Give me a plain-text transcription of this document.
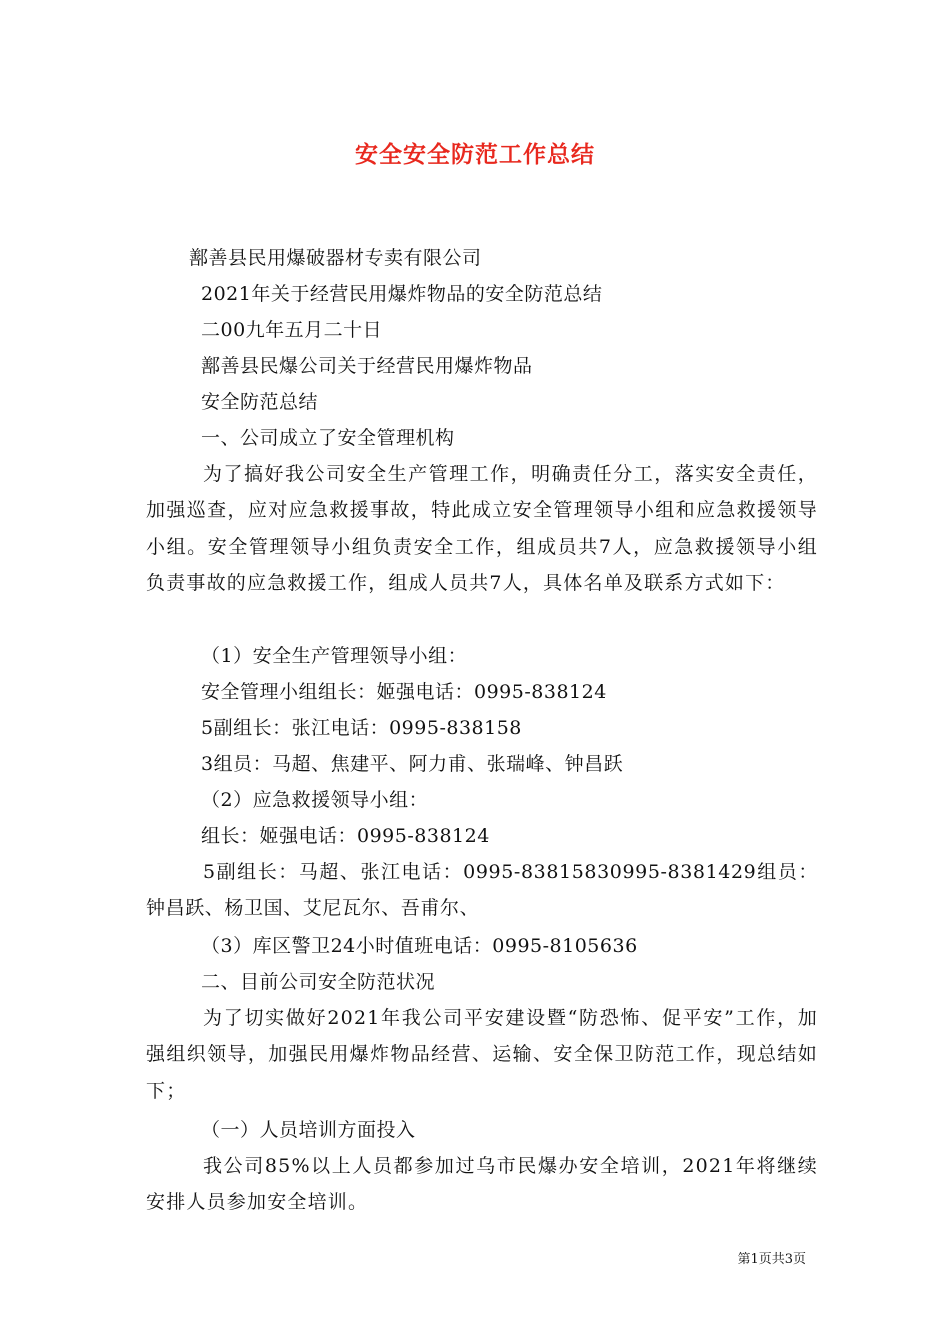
安全安全防范工作总结
鄯善县民用爆破器材专卖有限公司
2021年关于经营民用爆炸物品的安全防范总结
二00九年五月二十日
鄯善县民爆公司关于经营民用爆炸物品
安全防范总结
一、公司成立了安全管理机构

为了搞好我公司安全生产管理工作，明确责任分工，落实安全责任，加强巡查，应对应急救援事故，特此成立安全管理领导小组和应急救援领导小组。安全管理领导小组负责安全工作，组成员共7人，应急救援领导小组负责事故的应急救援工作，组成人员共7人，具体名单及联系方式如下：

（1）安全生产管理领导小组：
安全管理小组组长：姬强电话：0995-838124
5副组长：张江电话：0995-838158
3组员：马超、焦建平、阿力甫、张瑞峰、钟昌跃
（2）应急救援领导小组：
组长：姬强电话：0995-838124

5副组长：马超、张江电话：0995-83815830995-8381429组员：钟昌跃、杨卫国、艾尼瓦尔、吾甫尔、

（3）库区警卫24小时值班电话：0995-8105636
二、目前公司安全防范状况

为了切实做好2021年我公司平安建设暨“防恐怖、促平安”工作，加强组织领导，加强民用爆炸物品经营、运输、安全保卫防范工作，现总结如下；

（一）人员培训方面投入

我公司85%以上人员都参加过乌市民爆办安全培训，2021年将继续安排人员参加安全培训。

第1页共3页
